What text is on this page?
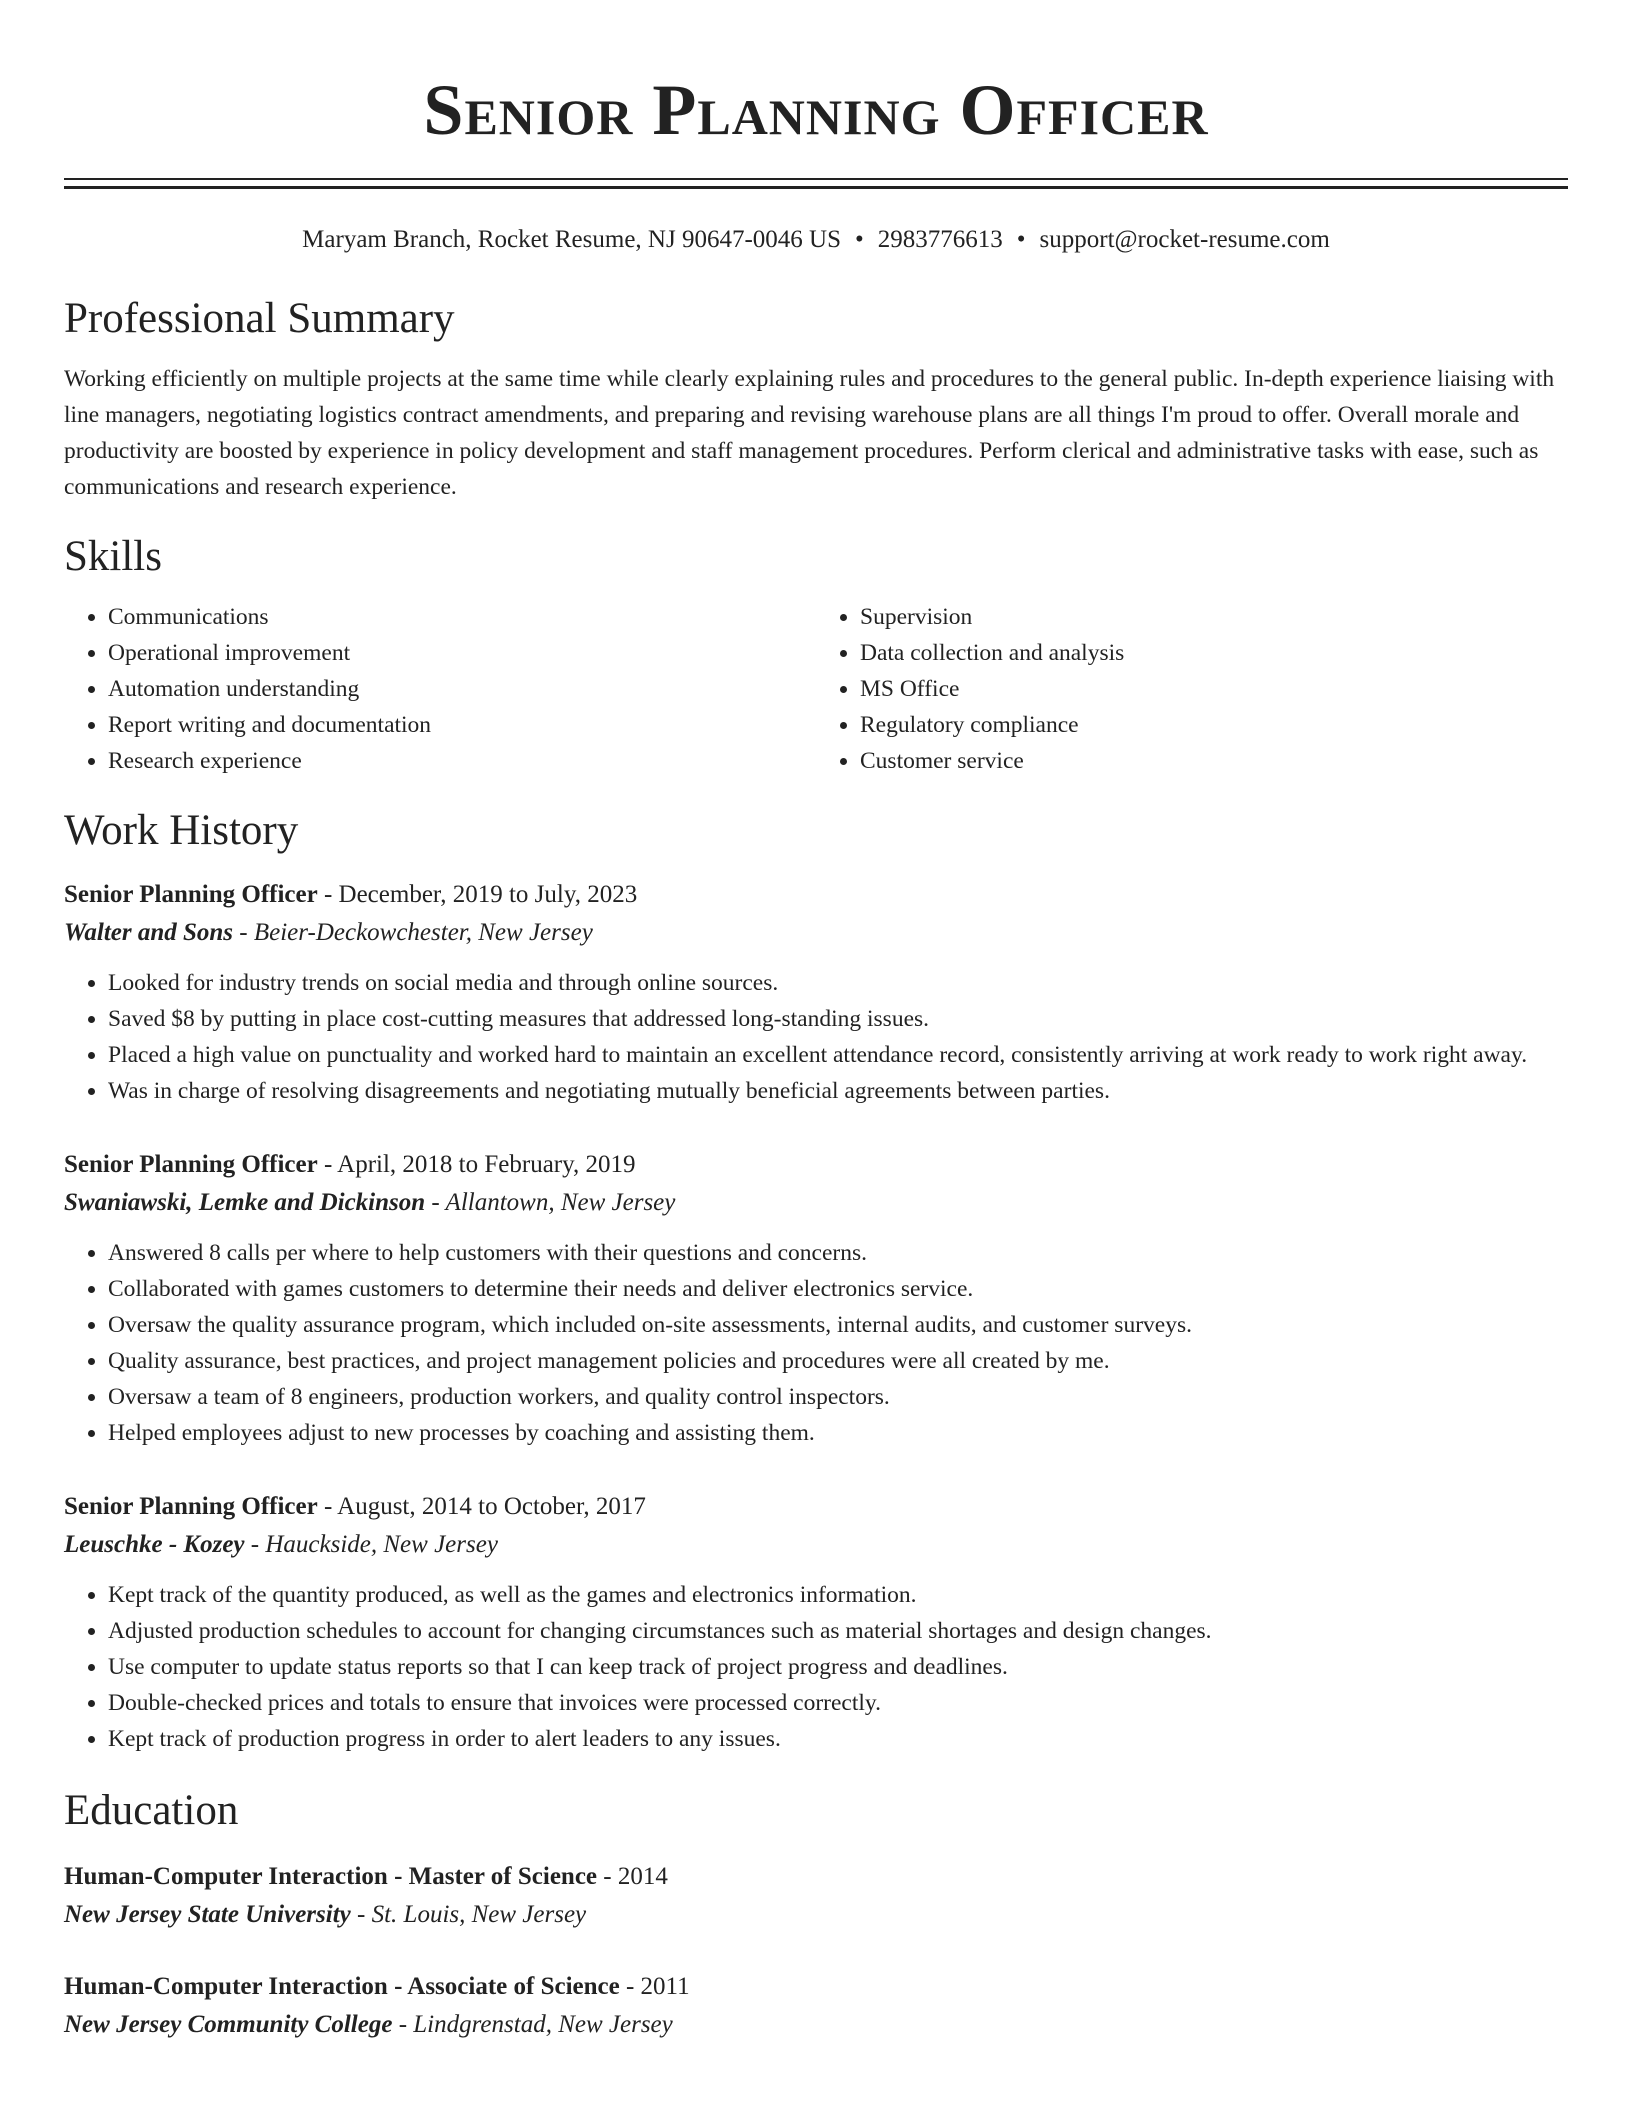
Senior Planning Officer
Maryam Branch, Rocket Resume, NJ 90647-0046 US • 2983776613 • support@rocket-resume.com
Professional Summary
Working efficiently on multiple projects at the same time while clearly explaining rules and procedures to the general public. In-depth experience liaising with line managers, negotiating logistics contract amendments, and preparing and revising warehouse plans are all things I'm proud to offer. Overall morale and productivity are boosted by experience in policy development and staff management procedures. Perform clerical and administrative tasks with ease, such as communications and research experience.
Skills
• Communications
• Operational improvement
• Automation understanding
• Report writing and documentation
• Research experience
• Supervision
• Data collection and analysis
• MS Office
• Regulatory compliance
• Customer service
Work History
Senior Planning Officer - December, 2019 to July, 2023
Walter and Sons - Beier-Deckowchester, New Jersey
• Looked for industry trends on social media and through online sources.
• Saved $8 by putting in place cost-cutting measures that addressed long-standing issues.
• Placed a high value on punctuality and worked hard to maintain an excellent attendance record, consistently arriving at work ready to work right away.
• Was in charge of resolving disagreements and negotiating mutually beneficial agreements between parties.
Senior Planning Officer - April, 2018 to February, 2019
Swaniawski, Lemke and Dickinson - Allantown, New Jersey
• Answered 8 calls per where to help customers with their questions and concerns.
• Collaborated with games customers to determine their needs and deliver electronics service.
• Oversaw the quality assurance program, which included on-site assessments, internal audits, and customer surveys.
• Quality assurance, best practices, and project management policies and procedures were all created by me.
• Oversaw a team of 8 engineers, production workers, and quality control inspectors.
• Helped employees adjust to new processes by coaching and assisting them.
Senior Planning Officer - August, 2014 to October, 2017
Leuschke - Kozey - Hauckside, New Jersey
• Kept track of the quantity produced, as well as the games and electronics information.
• Adjusted production schedules to account for changing circumstances such as material shortages and design changes.
• Use computer to update status reports so that I can keep track of project progress and deadlines.
• Double-checked prices and totals to ensure that invoices were processed correctly.
• Kept track of production progress in order to alert leaders to any issues.
Education
Human-Computer Interaction - Master of Science - 2014
New Jersey State University - St. Louis, New Jersey
Human-Computer Interaction - Associate of Science - 2011
New Jersey Community College - Lindgrenstad, New Jersey
